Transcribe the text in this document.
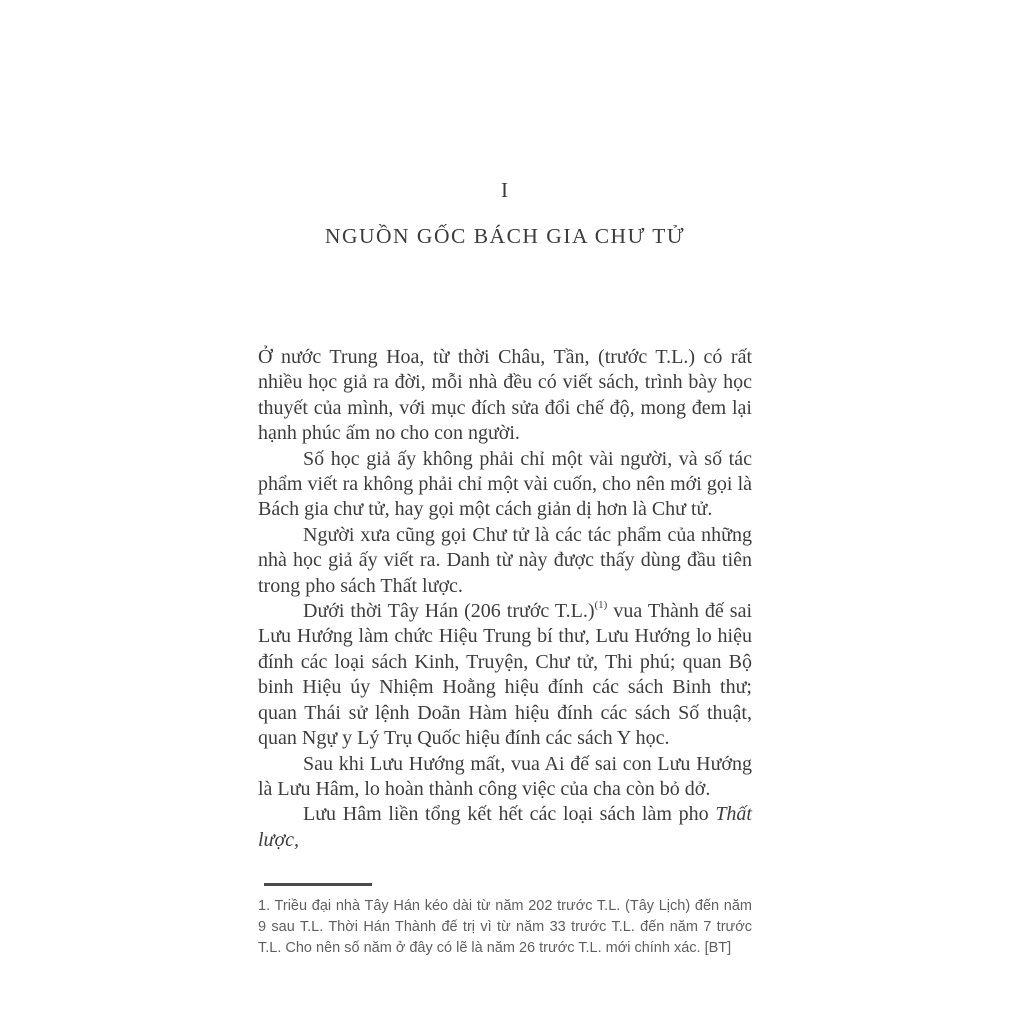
I
NGUỒN GỐC BÁCH GIA CHƯ TỬ

Ở nước Trung Hoa, từ thời Châu, Tần, (trước T.L.) có rất nhiều học giả ra đời, mỗi nhà đều có viết sách, trình bày học thuyết của mình, với mục đích sửa đổi chế độ, mong đem lại hạnh phúc ấm no cho con người.

Số học giả ấy không phải chỉ một vài người, và số tác phẩm viết ra không phải chỉ một vài cuốn, cho nên mới gọi là Bách gia chư tử, hay gọi một cách giản dị hơn là Chư tử.

Người xưa cũng gọi Chư tử là các tác phẩm của những nhà học giả ấy viết ra. Danh từ này được thấy dùng đầu tiên trong pho sách Thất lược.

Dưới thời Tây Hán (206 trước T.L.)$^{(1)}$ vua Thành đế sai Lưu Hướng làm chức Hiệu Trung bí thư, Lưu Hướng lo hiệu đính các loại sách Kinh, Truyện, Chư tử, Thi phú; quan Bộ binh Hiệu úy Nhiệm Hoằng hiệu đính các sách Binh thư; quan Thái sử lệnh Doãn Hàm hiệu đính các sách Số thuật, quan Ngự y Lý Trụ Quốc hiệu đính các sách Y học.

Sau khi Lưu Hướng mất, vua Ai đế sai con Lưu Hướng là Lưu Hâm, lo hoàn thành công việc của cha còn bỏ dở.

Lưu Hâm liền tổng kết hết các loại sách làm pho Thất lược,

1. Triều đại nhà Tây Hán kéo dài từ năm 202 trước T.L. (Tây Lịch) đến năm 9 sau T.L. Thời Hán Thành đế trị vì từ năm 33 trước T.L. đến năm 7 trước T.L. Cho nên số năm ở đây có lẽ là năm 26 trước T.L. mới chính xác. [BT]
